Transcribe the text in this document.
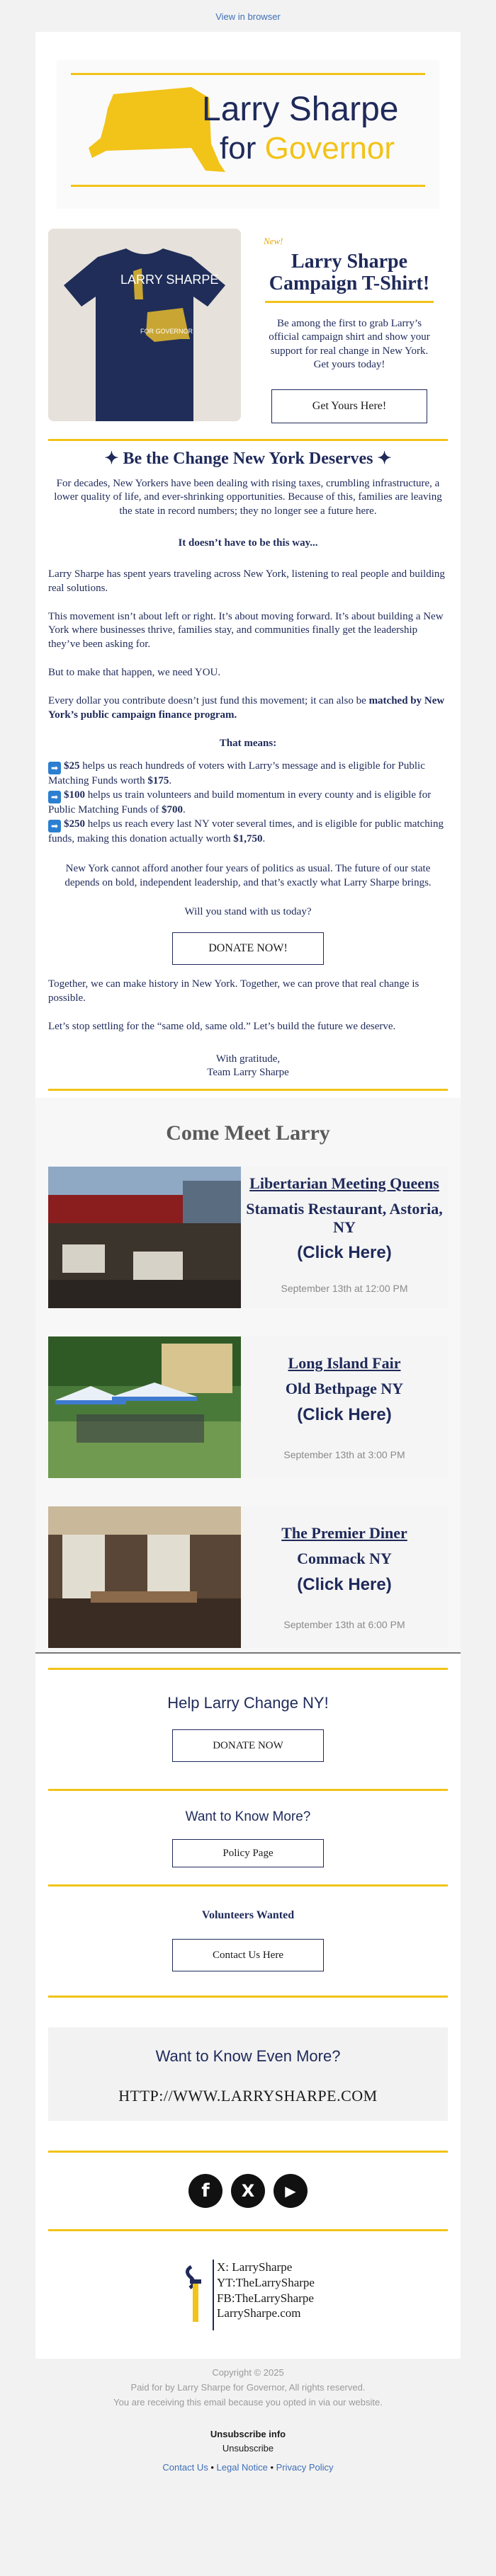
View in browser
Larry Sharpe
for Governor
LARRY SHARPE
FOR GOVERNOR
New!
Larry Sharpe
Campaign T-Shirt!
Be among the first to grab Larry’s official campaign shirt and show your support for real change in New York. Get yours today!
Get Yours Here!
✦ Be the Change New York Deserves ✦
For decades, New Yorkers have been dealing with rising taxes, crumbling infrastructure, a lower quality of life, and ever-shrinking opportunities. Because of this, families are leaving the state in record numbers; they no longer see a future here.
It doesn’t have to be this way...
Larry Sharpe has spent years traveling across New York, listening to real people and building real solutions.
This movement isn’t about left or right. It’s about moving forward. It’s about building a New York where businesses thrive, families stay, and communities finally get the leadership they’ve been asking for.
But to make that happen, we need YOU.
Every dollar you contribute doesn’t just fund this movement; it can also be matched by New York’s public campaign finance program.
That means:
➡ $25 helps us reach hundreds of voters with Larry’s message and is eligible for Public Matching Funds worth $175.
➡ $100 helps us train volunteers and build momentum in every county and is eligible for Public Matching Funds of $700.
➡ $250 helps us reach every last NY voter several times, and is eligible for public matching funds, making this donation actually worth $1,750.
New York cannot afford another four years of politics as usual. The future of our state depends on bold, independent leadership, and that’s exactly what Larry Sharpe brings.
Will you stand with us today?
DONATE NOW!
Together, we can make history in New York. Together, we can prove that real change is possible.
Let’s stop settling for the “same old, same old.” Let’s build the future we deserve.
With gratitude,
Team Larry Sharpe
Come Meet Larry
Libertarian Meeting Queens
Stamatis Restaurant, Astoria, NY
(Click Here)
September 13th at 12:00 PM
Long Island Fair
Old Bethpage NY
(Click Here)
September 13th at 3:00 PM
The Premier Diner
Commack NY
(Click Here)
September 13th at 6:00 PM
Help Larry Change NY!
DONATE NOW
Want to Know More?
Policy Page
Volunteers Wanted
Contact Us Here
Want to Know Even More?
HTTP://WWW.LARRYSHARPE.COM
f	X	▶
X: LarrySharpe
YT:TheLarrySharpe
FB:TheLarrySharpe
LarrySharpe.com
Copyright © 2025
Paid for by Larry Sharpe for Governor, All rights reserved.
You are receiving this email because you opted in via our website.
Unsubscribe info
Unsubscribe
Contact Us • Legal Notice • Privacy Policy
